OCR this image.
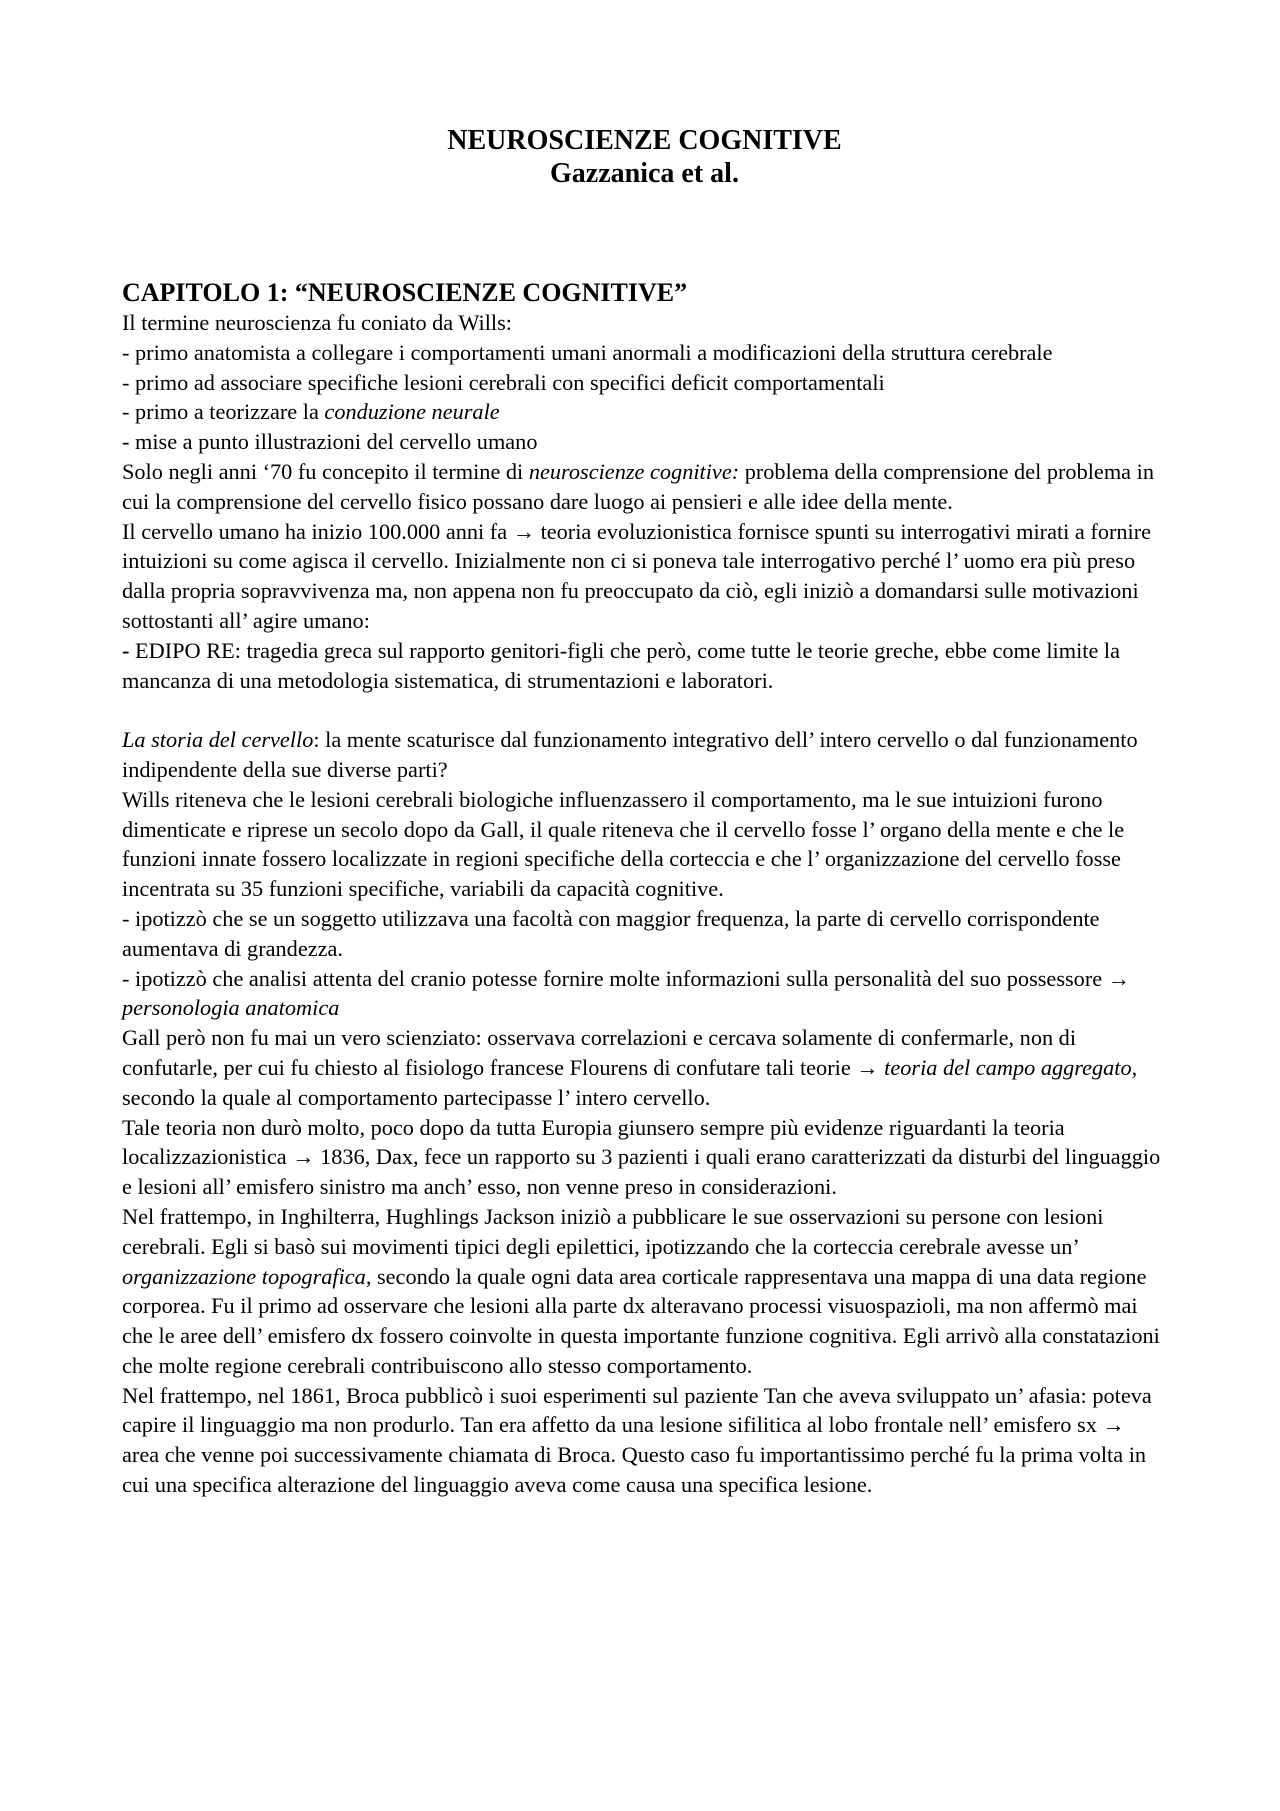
NEUROSCIENZE COGNITIVE

Gazzanica et al.

CAPITOLO 1: “NEUROSCIENZE COGNITIVE”

Il termine neuroscienza fu coniato da Wills:

- primo anatomista a collegare i comportamenti umani anormali a modificazioni della struttura cerebrale

- primo ad associare specifiche lesioni cerebrali con specifici deficit comportamentali

- primo a teorizzare la conduzione neurale

- mise a punto illustrazioni del cervello umano

Solo negli anni ‘70 fu concepito il termine di neuroscienze cognitive: problema della comprensione del problema in cui la comprensione del cervello fisico possano dare luogo ai pensieri e alle idee della mente.

Il cervello umano ha inizio 100.000 anni fa → teoria evoluzionistica fornisce spunti su interrogativi mirati a fornire intuizioni su come agisca il cervello. Inizialmente non ci si poneva tale interrogativo perché l’ uomo era più preso dalla propria sopravvivenza ma, non appena non fu preoccupato da ciò, egli iniziò a domandarsi sulle motivazioni sottostanti all’ agire umano:

- EDIPO RE: tragedia greca sul rapporto genitori-figli che però, come tutte le teorie greche, ebbe come limite la mancanza di una metodologia sistematica, di strumentazioni e laboratori.

La storia del cervello: la mente scaturisce dal funzionamento integrativo dell’ intero cervello o dal funzionamento indipendente della sue diverse parti?

Wills riteneva che le lesioni cerebrali biologiche influenzassero il comportamento, ma le sue intuizioni furono dimenticate e riprese un secolo dopo da Gall, il quale riteneva che il cervello fosse l’ organo della mente e che le funzioni innate fossero localizzate in regioni specifiche della corteccia e che l’ organizzazione del cervello fosse incentrata su 35 funzioni specifiche, variabili da capacità cognitive.

- ipotizzò che se un soggetto utilizzava una facoltà con maggior frequenza, la parte di cervello corrispondente aumentava di grandezza.

- ipotizzò che analisi attenta del cranio potesse fornire molte informazioni sulla personalità del suo possessore → personologia anatomica

Gall però non fu mai un vero scienziato: osservava correlazioni e cercava solamente di confermarle, non di confutarle, per cui fu chiesto al fisiologo francese Flourens di confutare tali teorie → teoria del campo aggregato, secondo la quale al comportamento partecipasse l’ intero cervello.

Tale teoria non durò molto, poco dopo da tutta Europia giunsero sempre più evidenze riguardanti la teoria localizzazionistica → 1836, Dax, fece un rapporto su 3 pazienti i quali erano caratterizzati da disturbi del linguaggio e lesioni all’ emisfero sinistro ma anch’ esso, non venne preso in considerazioni.

Nel frattempo, in Inghilterra, Hughlings Jackson iniziò a pubblicare le sue osservazioni su persone con lesioni cerebrali. Egli si basò sui movimenti tipici degli epilettici, ipotizzando che la corteccia cerebrale avesse un’ organizzazione topografica, secondo la quale ogni data area corticale rappresentava una mappa di una data regione corporea. Fu il primo ad osservare che lesioni alla parte dx alteravano processi visuospazioli, ma non affermò mai che le aree dell’ emisfero dx fossero coinvolte in questa importante funzione cognitiva. Egli arrivò alla constatazioni che molte regione cerebrali contribuiscono allo stesso comportamento.

Nel frattempo, nel 1861, Broca pubblicò i suoi esperimenti sul paziente Tan che aveva sviluppato un’ afasia: poteva capire il linguaggio ma non produrlo. Tan era affetto da una lesione sifilitica al lobo frontale nell’ emisfero sx → area che venne poi successivamente chiamata di Broca. Questo caso fu importantissimo perché fu la prima volta in cui una specifica alterazione del linguaggio aveva come causa una specifica lesione.
